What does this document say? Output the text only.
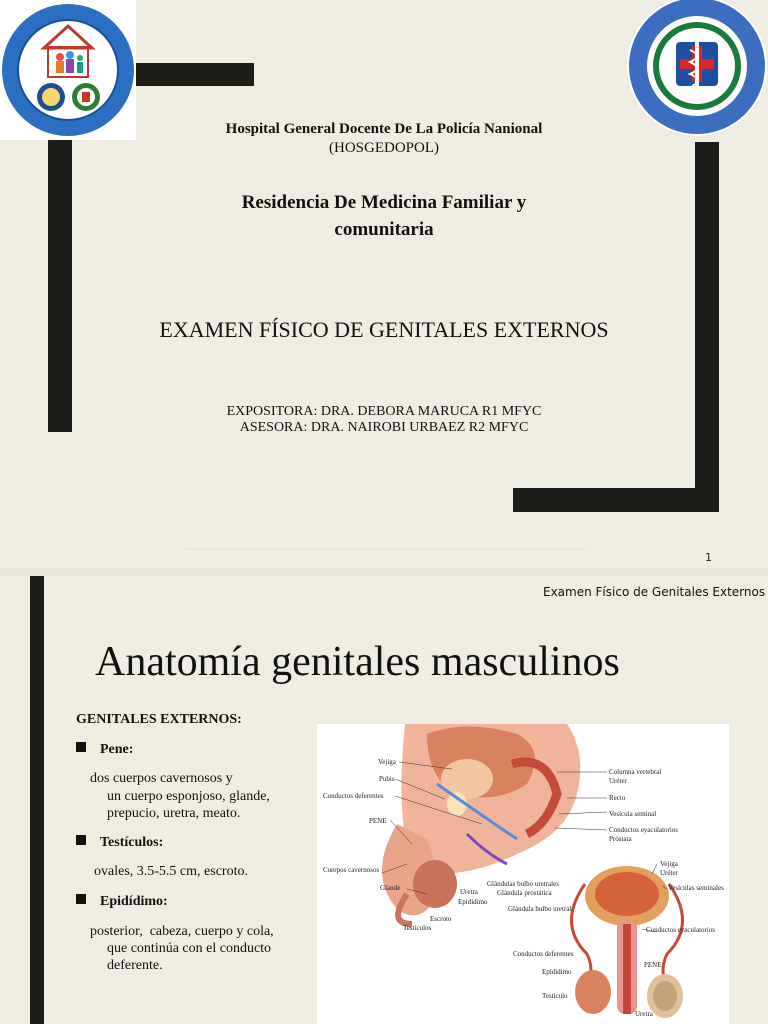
Hospital General Docente De La Policía Nanional
(HOSGEDOPOL)
Residencia De Medicina Familiar y
comunitaria
EXAMEN FÍSICO DE GENITALES EXTERNOS
EXPOSITORA: DRA. DEBORA MARUCA R1 MFYC
ASESORA: DRA. NAIROBI URBAEZ R2 MFYC
1
Examen Físico de Genitales Externos
Anatomía genitales masculinos
GENITALES EXTERNOS:
Pene:
dos cuerpos cavernosos y
un cuerpo esponjoso, glande,
prepucio, uretra, meato.
Testículos:
ovales, 3.5-5.5 cm, escroto.
Epidídimo:
posterior,  cabeza, cuerpo y cola,
que continúa con el conducto
deferente.
Vejiga
Pubis
Conductos deferentes
PENE
Cuerpos cavernosos
Glande	Uretra
Epidídimo
Escroto
Testículos
Columna vertebral
Uréter
Recto
Vesícula seminal
Conductos eyaculatorios
Próstata
Glándulas bulbo uretrales
Glándula prostática
Glándula bulbo uretral
Vejiga
Uréter
Vesículas seminales
Conductos eyaculatorios
Conductos deferentes
Epidídimo
PENE
Testículo
Uretra
